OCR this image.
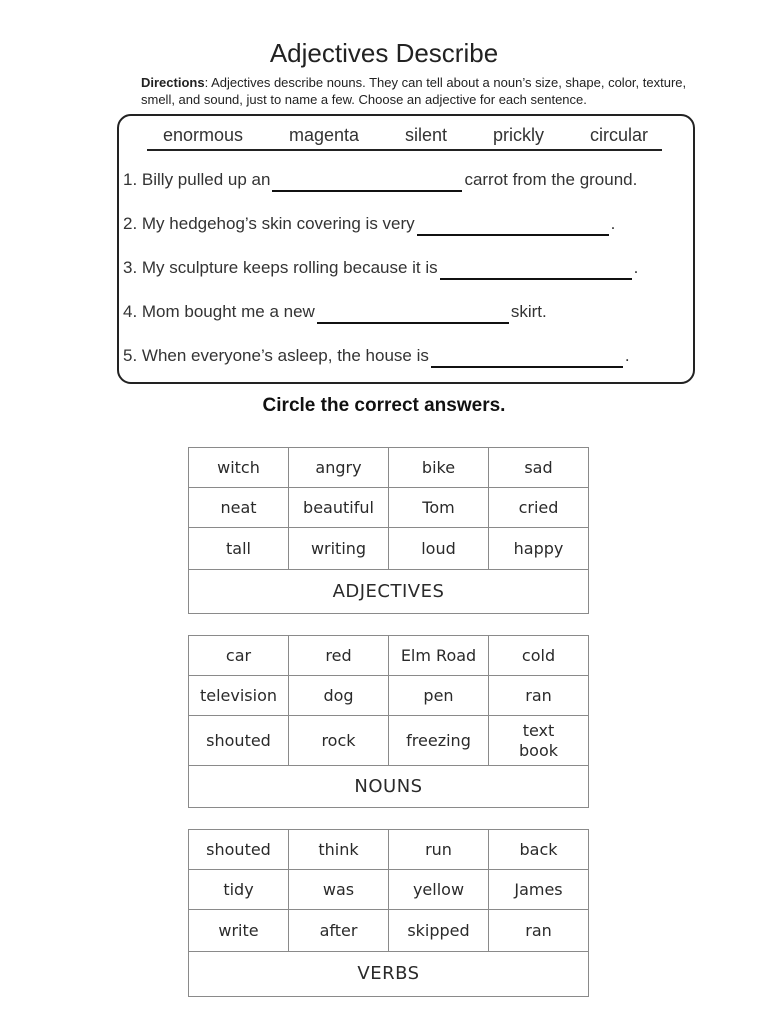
Adjectives Describe
Directions: Adjectives describe nouns. They can tell about a noun’s size, shape, color, texture, smell, and sound, just to name a few. Choose an adjective for each sentence.
enormous	magenta	silent	prickly	circular
1. Billy pulled up an	carrot from the ground.
2. My hedgehog’s skin covering is very	.
3. My sculpture keeps rolling because it is	.
4. Mom bought me a new	skirt.
5. When everyone’s asleep, the house is	.
Circle the correct answers.
witch	angry	bike	sad
neat	beautiful	Tom	cried
tall	writing	loud	happy
ADJECTIVES			
car	red	Elm Road	cold
television	dog	pen	ran
shouted	rock	freezing	text book
NOUNS			
shouted	think	run	back
tidy	was	yellow	James
write	after	skipped	ran
VERBS			
